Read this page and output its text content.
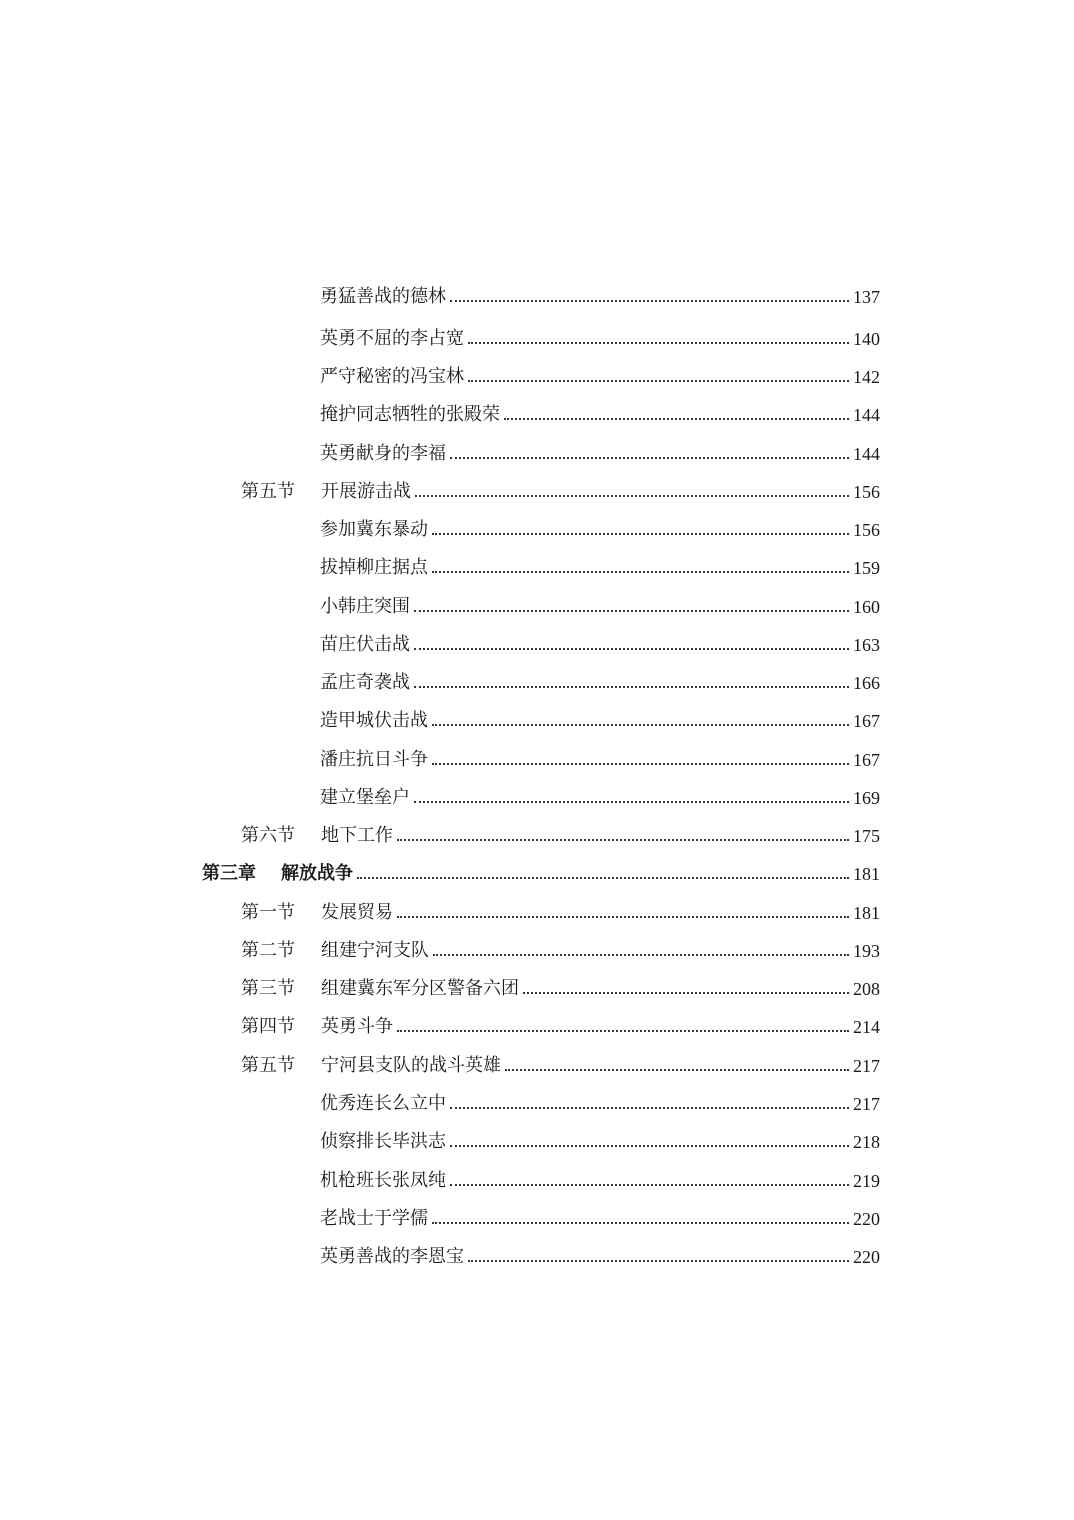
勇猛善战的德林	137
英勇不屈的李占宽	140
严守秘密的冯宝林	142
掩护同志牺牲的张殿荣	144
英勇献身的李福	144
第五节	开展游击战	156
参加冀东暴动	156
拔掉柳庄据点	159
小韩庄突围	160
苗庄伏击战	163
孟庄奇袭战	166
造甲城伏击战	167
潘庄抗日斗争	167
建立堡垒户	169
第六节	地下工作	175
第三章	解放战争	181
第一节	发展贸易	181
第二节	组建宁河支队	193
第三节	组建冀东军分区警备六团	208
第四节	英勇斗争	214
第五节	宁河县支队的战斗英雄	217
优秀连长么立中	217
侦察排长毕洪志	218
机枪班长张凤纯	219
老战士于学儒	220
英勇善战的李恩宝	220
